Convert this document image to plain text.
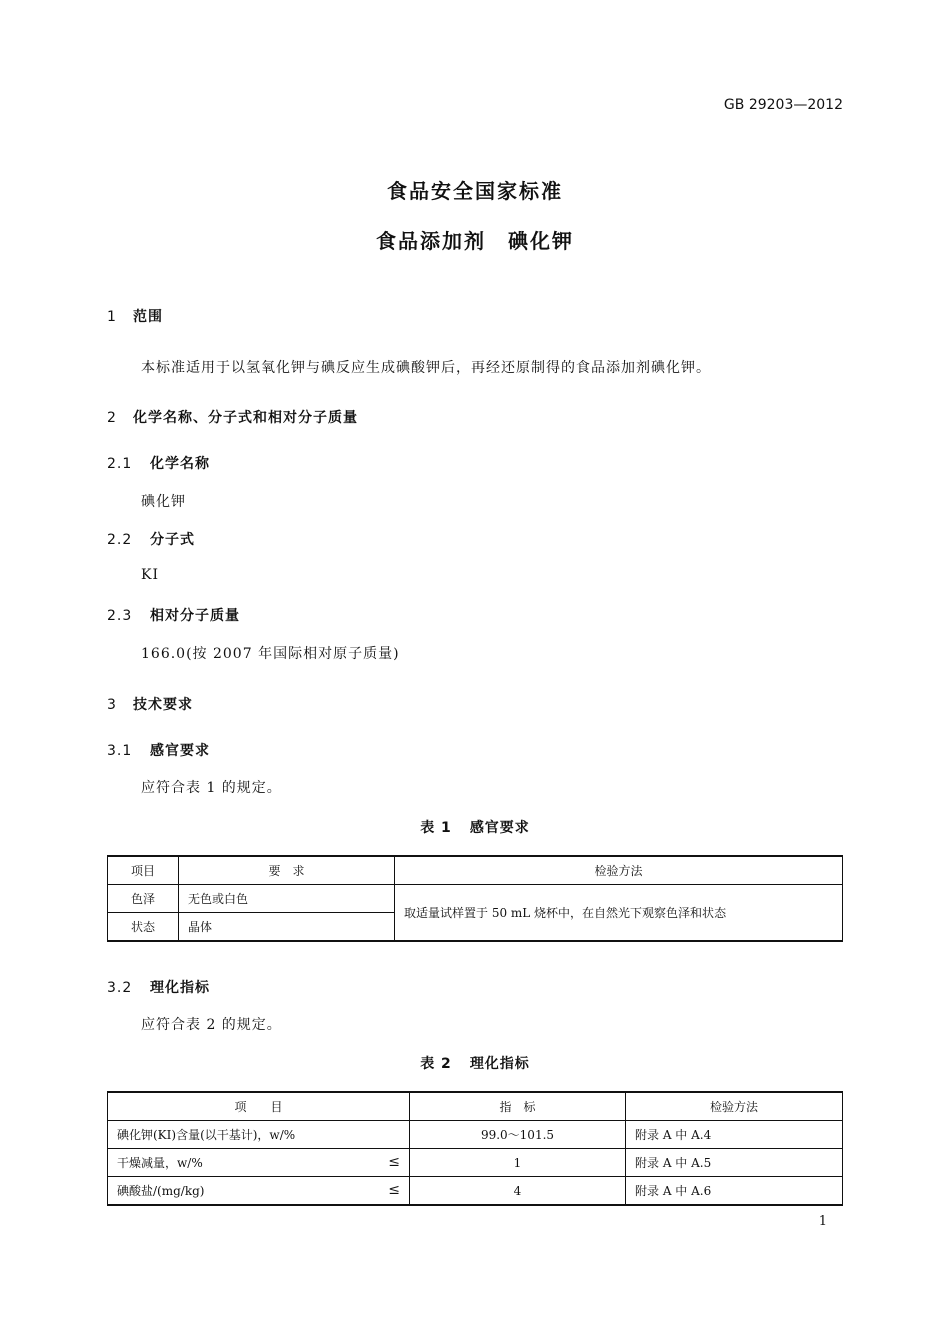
GB 29203—2012
食品安全国家标准
食品添加剂　碘化钾
1 范围
本标准适用于以氢氧化钾与碘反应生成碘酸钾后，再经还原制得的食品添加剂碘化钾。
2 化学名称、分子式和相对分子质量
2.1 化学名称
碘化钾
2.2 分子式
KI
2.3 相对分子质量
166.0(按 2007 年国际相对原子质量)
3 技术要求
3.1 感官要求
应符合表 1 的规定。
表 1 感官要求
项目	要　求	检验方法
色泽	无色或白色	取适量试样置于 50 mL 烧杯中，在自然光下观察色泽和状态
状态	晶体	
3.2 理化指标
应符合表 2 的规定。
表 2 理化指标
项　　目	指　标	检验方法
碘化钾(KI)含量(以干基计)，w/%	99.0～101.5	附录 A 中 A.4
干燥减量，w/% ≤	1	附录 A 中 A.5
碘酸盐/(mg/kg) ≤	4	附录 A 中 A.6
1
